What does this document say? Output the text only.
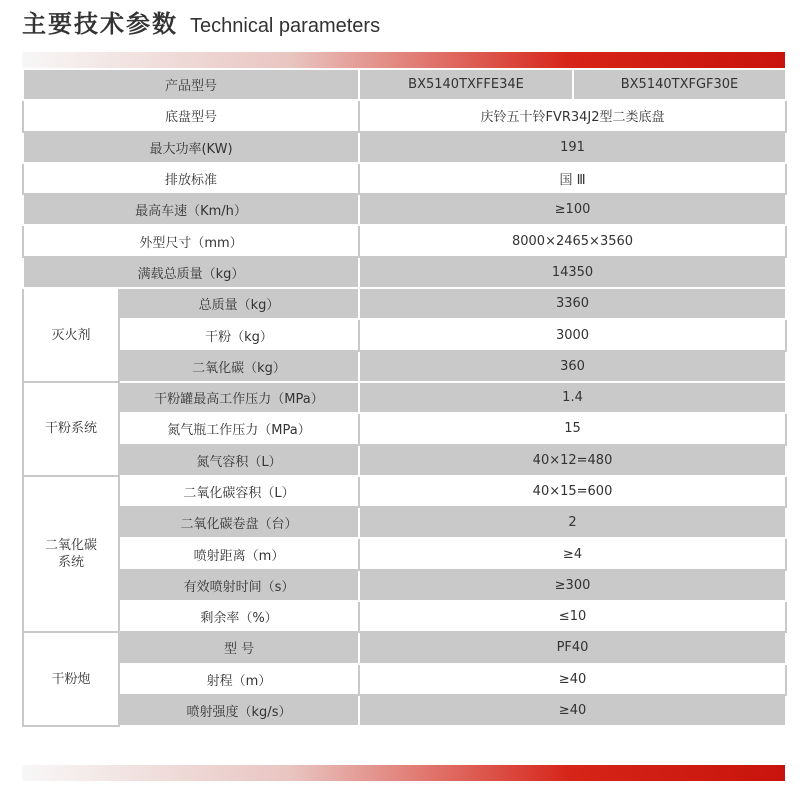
主要技术参数 Technical parameters
产品型号		BX5140TXFFE34E	BX5140TXFGF30E
底盘型号		庆铃五十铃FVR34J2型二类底盘	
最大功率(KW)		191	
排放标准		国 Ⅲ	
最高车速（Km/h）		≥100	
外型尺寸（mm）		8000×2465×3560	
满载总质量（kg）		14350	
灭火剂	总质量（kg）	3360	
	干粉（kg）	3000	
	二氧化碳（kg）	360	
干粉系统	干粉罐最高工作压力（MPa）	1.4	
	氮气瓶工作压力（MPa）	15	
	氮气容积（L）	40×12=480	

二氧化碳
系统	二氧化碳容积（L）	40×15=600	
	二氧化碳卷盘（台）	2	
	喷射距离（m）	≥4	
	有效喷射时间（s）	≥300	
	剩余率（%）	≤10	
干粉炮	型 号	PF40	
	射程（m）	≥40	
	喷射强度（kg/s）	≥40	
